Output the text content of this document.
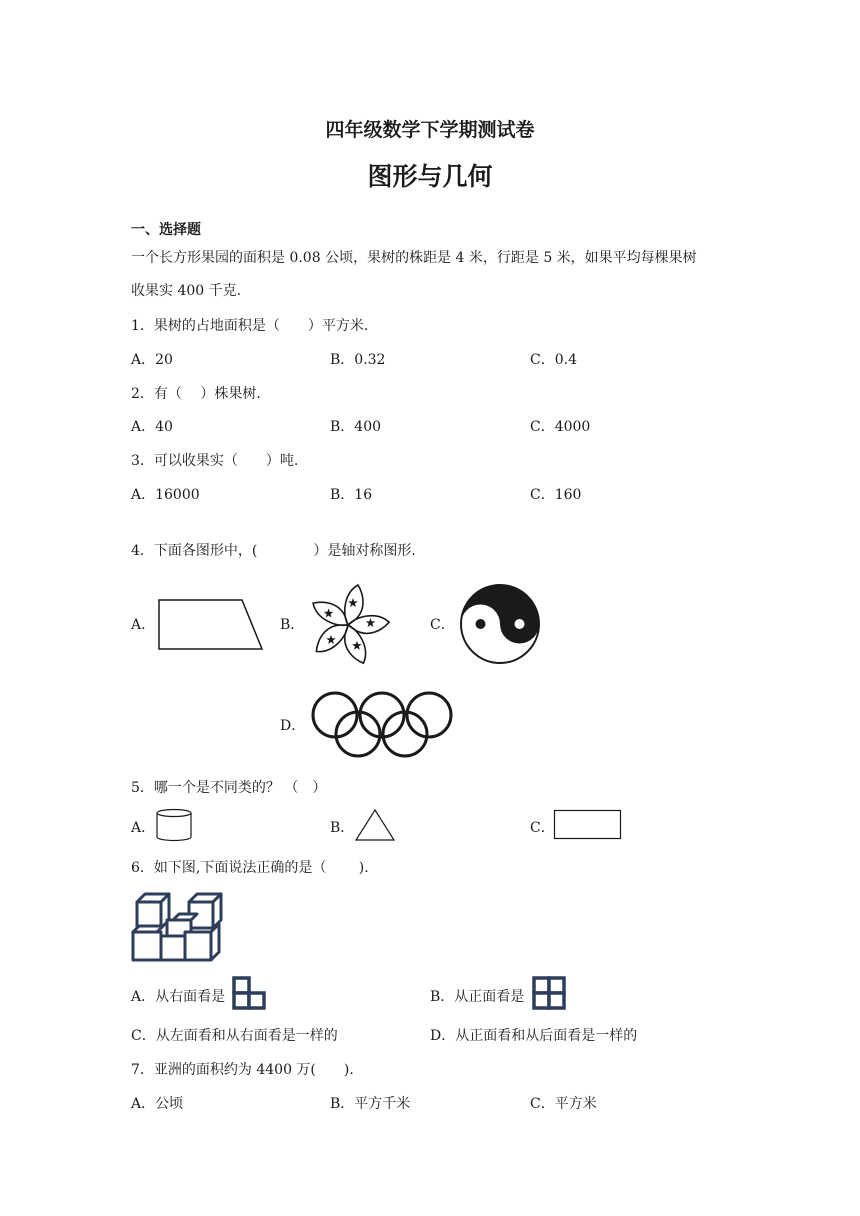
四年级数学下学期测试卷
图形与几何
一、选择题
一个长方形果园的面积是 0.08 公顷，果树的株距是 4 米，行距是 5 米，如果平均每棵果树
收果实 400 千克.
1．果树的占地面积是（　　）平方米.
A．20	B．0.32	C．0.4
2．有（　 ）株果树.
A．40	B．400	C．4000
3．可以收果实（　　）吨.
A．16000	B．16	C．160
4．下面各图形中，(　　　　）是轴对称图形.
A．	B．	C．
D．
5．哪一个是不同类的？ （　）
A．	B．	C．
6．如下图,下面说法正确的是（　　 ).
A．从右面看是	B．从正面看是
C．从左面看和从右面看是一样的	D．从正面看和从后面看是一样的
7．亚洲的面积约为 4400 万(　　).
A．公顷	B．平方千米	C．平方米
